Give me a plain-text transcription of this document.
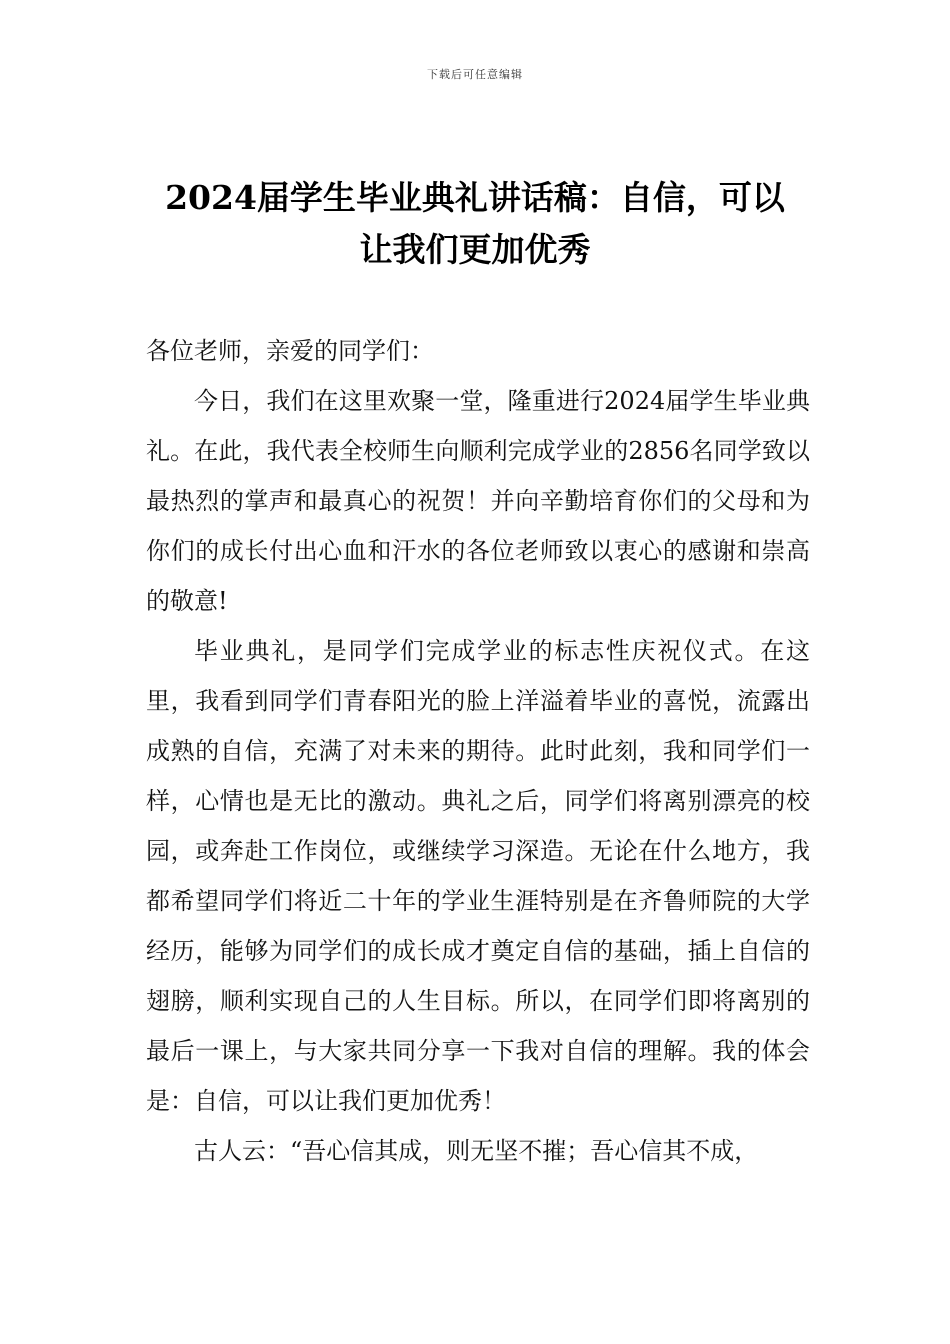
下载后可任意编辑
2024届学生毕业典礼讲话稿：自信，可以让我们更加优秀

各位老师，亲爱的同学们：

今日，我们在这里欢聚一堂，隆重进行2024届学生毕业典礼。在此，我代表全校师生向顺利完成学业的2856名同学致以最热烈的掌声和最真心的祝贺！并向辛勤培育你们的父母和为你们的成长付出心血和汗水的各位老师致以衷心的感谢和崇高的敬意!

毕业典礼，是同学们完成学业的标志性庆祝仪式。在这里，我看到同学们青春阳光的脸上洋溢着毕业的喜悦，流露出成熟的自信，充满了对未来的期待。此时此刻，我和同学们一样，心情也是无比的激动。典礼之后，同学们将离别漂亮的校园，或奔赴工作岗位，或继续学习深造。无论在什么地方，我都希望同学们将近二十年的学业生涯特别是在齐鲁师院的大学经历，能够为同学们的成长成才奠定自信的基础，插上自信的翅膀，顺利实现自己的人生目标。所以，在同学们即将离别的最后一课上，与大家共同分享一下我对自信的理解。我的体会是：自信，可以让我们更加优秀！

古人云：“吾心信其成，则无坚不摧；吾心信其不成，
